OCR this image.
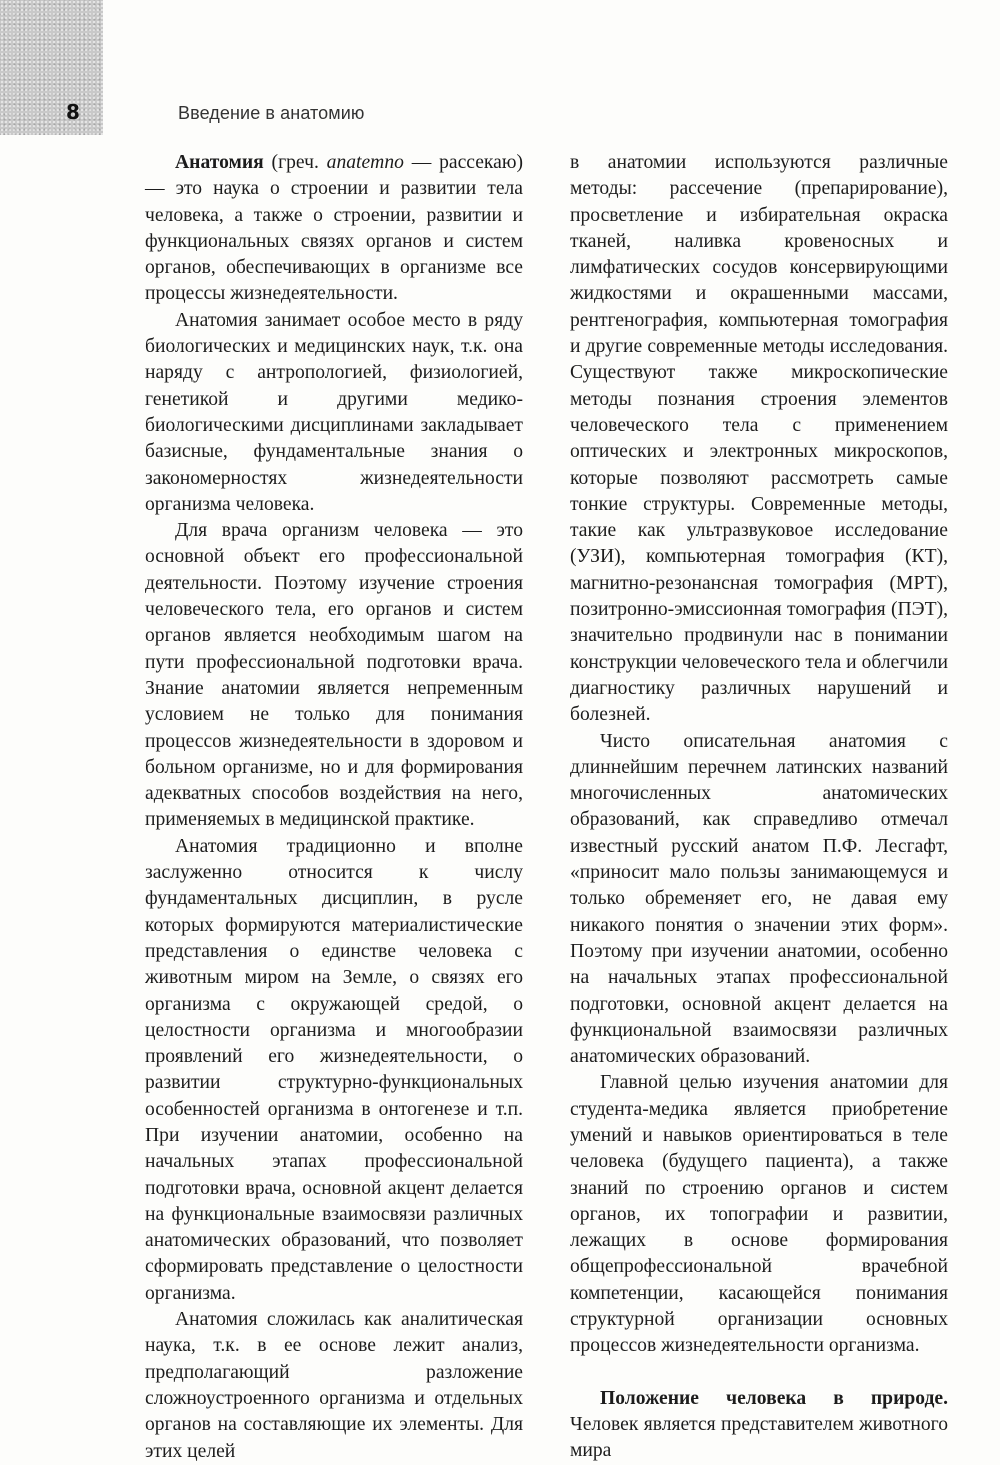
8	Введение в анатомию

Анатомия (греч. anatemno — рассекаю) — это наука о строении и развитии тела человека, а также о строении, развитии и функциональных связях органов и систем органов, обеспечивающих в организме все процессы жизнедеятельности.

Анатомия занимает особое место в ряду биологических и медицинских наук, т.к. она наряду с антропологией, физиологией, генетикой и другими медико-биологическими дисциплинами закладывает базисные, фундаментальные знания о закономерностях жизнедеятельности организма человека.

Для врача организм человека — это основной объект его профессиональной деятельности. Поэтому изучение строения человеческого тела, его органов и систем органов является необходимым шагом на пути профессиональной подготовки врача. Знание анатомии является непременным условием не только для понимания процессов жизнедеятельности в здоровом и больном организме, но и для формирования адекватных способов воздействия на него, применяемых в медицинской практике.

Анатомия традиционно и вполне заслуженно относится к числу фундаментальных дисциплин, в русле которых формируются материалистические представления о единстве человека с животным миром на Земле, о связях его организма с окружающей средой, о целостности организма и многообразии проявлений его жизнедеятельности, о развитии структурно-функциональных особенностей организма в онтогенезе и т.п. При изучении анатомии, особенно на начальных этапах профессиональной подготовки врача, основной акцент делается на функциональные взаимосвязи различных анатомических образований, что позволяет сформировать представление о целостности организма.

Анатомия сложилась как аналитическая наука, т.к. в ее основе лежит анализ, предполагающий разложение сложноустроенного организма и отдельных органов на составляющие их элементы. Для этих целей

в анатомии используются различные методы: рассечение (препарирование), просветление и избирательная окраска тканей, наливка кровеносных и лимфатических сосудов консервирующими жидкостями и окрашенными массами, рентгенография, компьютерная томография и другие современные методы исследования. Существуют также микроскопические методы познания строения элементов человеческого тела с применением оптических и электронных микроскопов, которые позволяют рассмотреть самые тонкие структуры. Современные методы, такие как ультразвуковое исследование (УЗИ), компьютерная томография (КТ), магнитно-резонансная томография (МРТ), позитронно-эмиссионная томография (ПЭТ), значительно продвинули нас в понимании конструкции человеческого тела и облегчили диагностику различных нарушений и болезней.

Чисто описательная анатомия с длиннейшим перечнем латинских названий многочисленных анатомических образований, как справедливо отмечал известный русский анатом П.Ф. Лесгафт, «приносит мало пользы занимающемуся и только обременяет его, не давая ему никакого понятия о значении этих форм». Поэтому при изучении анатомии, особенно на начальных этапах профессиональной подготовки, основной акцент делается на функциональной взаимосвязи различных анатомических образований.

Главной целью изучения анатомии для студента-медика является приобретение умений и навыков ориентироваться в теле человека (будущего пациента), а также знаний по строению органов и систем органов, их топографии и развитии, лежащих в основе формирования общепрофессиональной врачебной компетенции, касающейся понимания структурной организации основных процессов жизнедеятельности организма.

Положение человека в природе. Человек является представителем животного мира
